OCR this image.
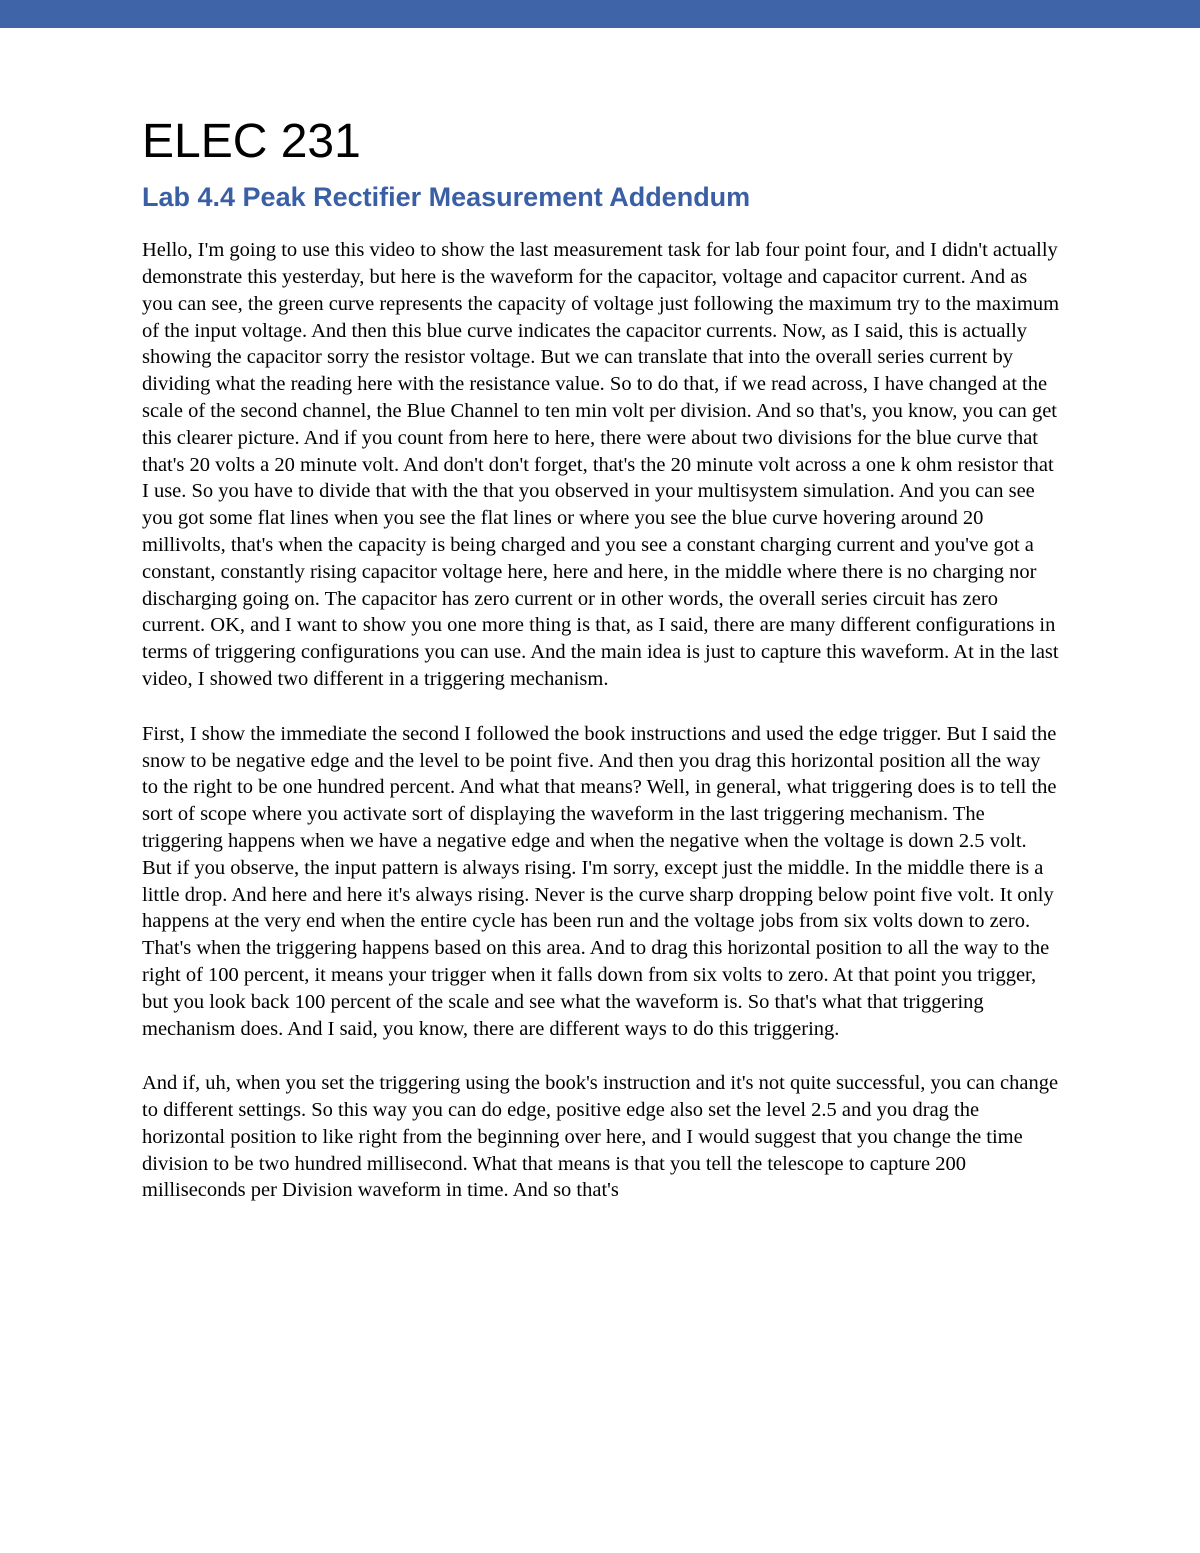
ELEC 231
Lab 4.4 Peak Rectifier Measurement Addendum

Hello, I'm going to use this video to show the last measurement task for lab four point four, and I didn't actually demonstrate this yesterday, but here is the waveform for the capacitor, voltage and capacitor current. And as you can see, the green curve represents the capacity of voltage just following the maximum try to the maximum of the input voltage. And then this blue curve indicates the capacitor currents. Now, as I said, this is actually showing the capacitor sorry the resistor voltage. But we can translate that into the overall series current by dividing what the reading here with the resistance value. So to do that, if we read across, I have changed at the scale of the second channel, the Blue Channel to ten min volt per division. And so that's, you know, you can get this clearer picture. And if you count from here to here, there were about two divisions for the blue curve that that's 20 volts a 20 minute volt. And don't don't forget, that's the 20 minute volt across a one k ohm resistor that I use. So you have to divide that with the that you observed in your multisystem simulation. And you can see you got some flat lines when you see the flat lines or where you see the blue curve hovering around 20 millivolts, that's when the capacity is being charged and you see a constant charging current and you've got a constant, constantly rising capacitor voltage here, here and here, in the middle where there is no charging nor discharging going on. The capacitor has zero current or in other words, the overall series circuit has zero current. OK, and I want to show you one more thing is that, as I said, there are many different configurations in terms of triggering configurations you can use. And the main idea is just to capture this waveform. At in the last video, I showed two different in a triggering mechanism.

First, I show the immediate the second I followed the book instructions and used the edge trigger. But I said the snow to be negative edge and the level to be point five. And then you drag this horizontal position all the way to the right to be one hundred percent. And what that means? Well, in general, what triggering does is to tell the sort of scope where you activate sort of displaying the waveform in the last triggering mechanism. The triggering happens when we have a negative edge and when the negative when the voltage is down 2.5 volt. But if you observe, the input pattern is always rising. I'm sorry, except just the middle. In the middle there is a little drop. And here and here it's always rising. Never is the curve sharp dropping below point five volt. It only happens at the very end when the entire cycle has been run and the voltage jobs from six volts down to zero. That's when the triggering happens based on this area. And to drag this horizontal position to all the way to the right of 100 percent, it means your trigger when it falls down from six volts to zero. At that point you trigger, but you look back 100 percent of the scale and see what the waveform is. So that's what that triggering mechanism does. And I said, you know, there are different ways to do this triggering.

And if, uh, when you set the triggering using the book's instruction and it's not quite successful, you can change to different settings. So this way you can do edge, positive edge also set the level 2.5 and you drag the horizontal position to like right from the beginning over here, and I would suggest that you change the time division to be two hundred millisecond. What that means is that you tell the telescope to capture 200 milliseconds per Division waveform in time. And so that's
